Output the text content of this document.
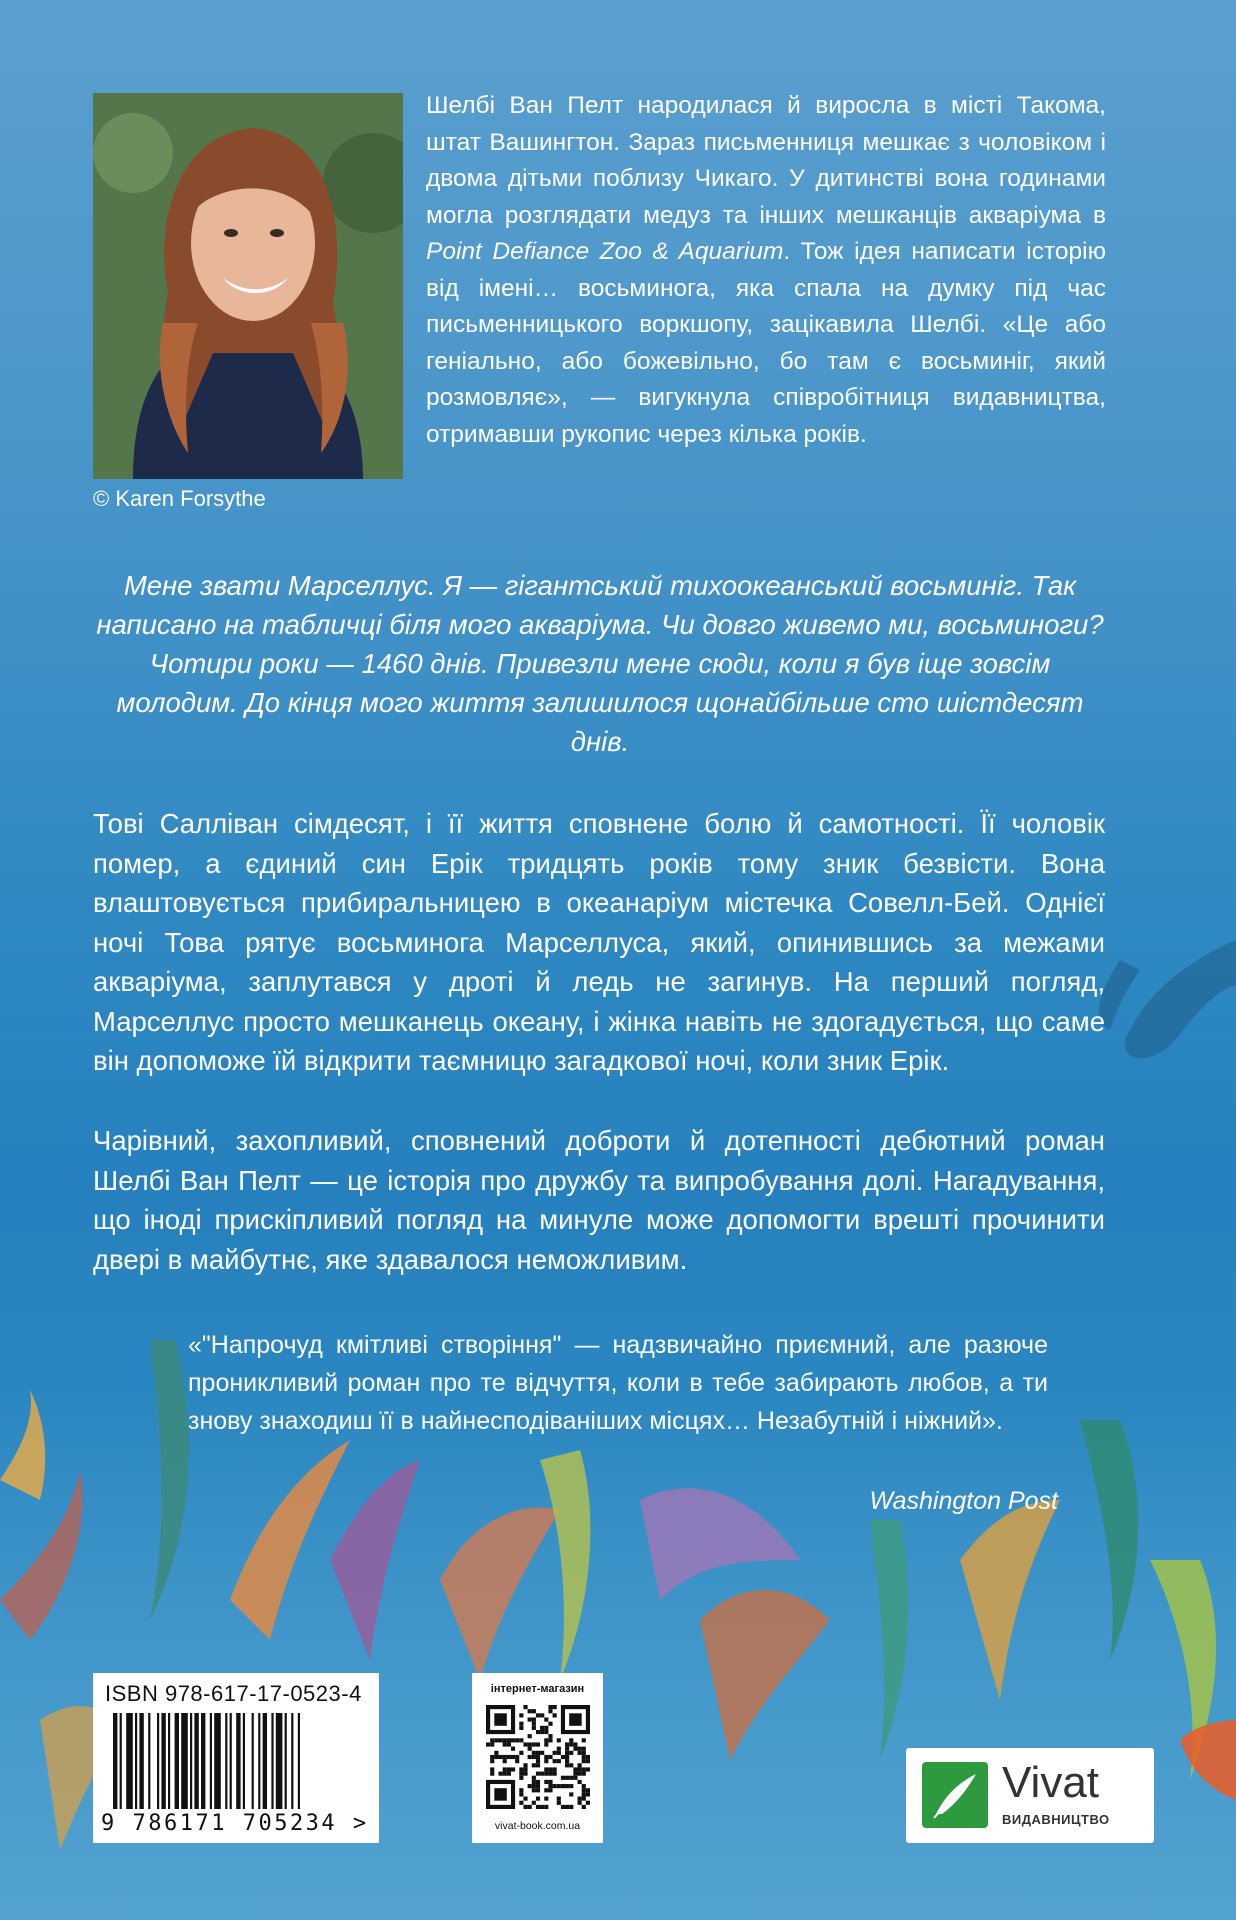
© Karen Forsythe
Шелбі Ван Пелт народилася й виросла в місті Такома, штат Вашингтон. Зараз письменниця мешкає з чоловіком і двома дітьми поблизу Чикаго. У дитинстві вона годинами могла розглядати медуз та інших мешканців акваріума в Point Defiance Zoo & Aquarium. Тож ідея написати історію від імені… восьминога, яка спала на думку під час письменницького воркшопу, зацікавила Шелбі. «Це або геніально, або божевільно, бо там є восьминіг, який розмовляє», — вигукнула співробітниця видавництва, отримавши рукопис через кілька років.
Мене звати Марселлус. Я — гігантський тихоокеанський восьминіг. Так написано на табличці біля мого акваріума. Чи довго живемо ми, восьминоги? Чотири роки — 1460 днів. Привезли мене сюди, коли я був іще зовсім молодим. До кінця мого життя залишилося щонайбільше сто шістдесят днів.
Тові Салліван сімдесят, і її життя сповнене болю й самотності. Її чоловік помер, а єдиний син Ерік тридцять років тому зник безвісти. Вона влаштовується прибиральницею в океанаріум містечка Совелл-Бей. Однієї ночі Това рятує восьминога Марселлуса, який, опинившись за межами акваріума, заплутався у дроті й ледь не загинув. На перший погляд, Марселлус просто мешканець океану, і жінка навіть не здогадується, що саме він допоможе їй відкрити таємницю загадкової ночі, коли зник Ерік.
Чарівний, захопливий, сповнений доброти й дотепності дебютний роман Шелбі Ван Пелт — це історія про дружбу та випробування долі. Нагадування, що іноді прискіпливий погляд на минуле може допомогти врешті прочинити двері в майбутнє, яке здавалося неможливим.
«"Напрочуд кмітливі створіння" — надзвичайно приємний, але разюче проникливий роман про те відчуття, коли в тебе забирають любов, а ти знову знаходиш її в найнесподіваніших місцях… Незабутній і ніжний».
Washington Post
ISBN 978-617-17-0523-4
9 786171 705234 >
інтернет-магазин
vivat-book.com.ua
Vivat
ВИДАВНИЦТВО
